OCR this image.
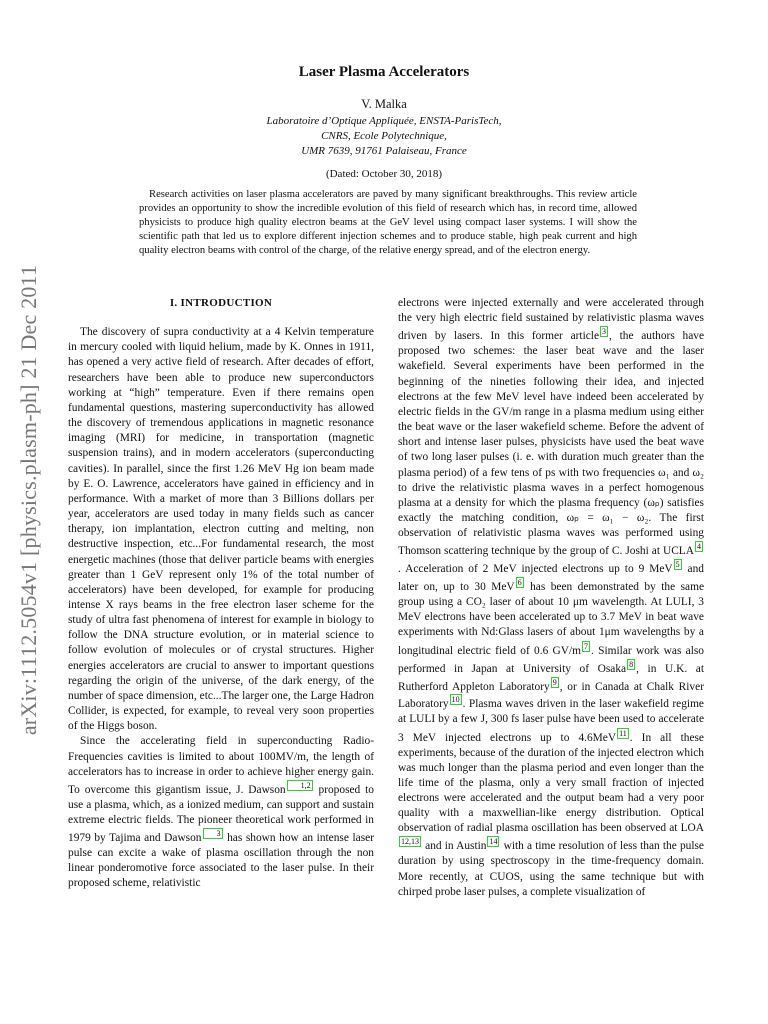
arXiv:1112.5054v1 [physics.plasm-ph] 21 Dec 2011
Laser Plasma Accelerators
V. Malka
Laboratoire d’Optique Appliquée, ENSTA-ParisTech,
CNRS, Ecole Polytechnique,
UMR 7639, 91761 Palaiseau, France
(Dated: October 30, 2018)
Research activities on laser plasma accelerators are paved by many significant breakthroughs. This review article provides an opportunity to show the incredible evolution of this field of research which has, in record time, allowed physicists to produce high quality electron beams at the GeV level using compact laser systems. I will show the scientific path that led us to explore different injection schemes and to produce stable, high peak current and high quality electron beams with control of the charge, of the relative energy spread, and of the electron energy.
I. INTRODUCTION

The discovery of supra conductivity at a 4 Kelvin temperature in mercury cooled with liquid helium, made by K. Onnes in 1911, has opened a very active field of research. After decades of effort, researchers have been able to produce new superconductors working at “high” temperature. Even if there remains open fundamental questions, mastering superconductivity has allowed the discovery of tremendous applications in magnetic resonance imaging (MRI) for medicine, in transportation (magnetic suspension trains), and in modern accelerators (superconducting cavities). In parallel, since the first 1.26 MeV Hg ion beam made by E. O. Lawrence, accelerators have gained in efficiency and in performance. With a market of more than 3 Billions dollars per year, accelerators are used today in many fields such as cancer therapy, ion implantation, electron cutting and melting, non destructive inspection, etc...For fundamental research, the most energetic machines (those that deliver particle beams with energies greater than 1 GeV represent only 1% of the total number of accelerators) have been developed, for example for producing intense X rays beams in the free electron laser scheme for the study of ultra fast phenomena of interest for example in biology to follow the DNA structure evolution, or in material science to follow evolution of molecules or of crystal structures. Higher energies accelerators are crucial to answer to important questions regarding the origin of the universe, of the dark energy, of the number of space dimension, etc...The larger one, the Large Hadron Collider, is expected, for example, to reveal very soon properties of the Higgs boson.

Since the accelerating field in superconducting Radio-Frequencies cavities is limited to about 100MV/m, the length of accelerators has to increase in order to achieve higher energy gain. To overcome this gigantism issue, J. Dawson 1,2 proposed to use a plasma, which, as a ionized medium, can support and sustain extreme electric fields. The pioneer theoretical work performed in 1979 by Tajima and Dawson 3 has shown how an intense laser pulse can excite a wake of plasma oscillation through the non linear ponderomotive force associated to the laser pulse. In their proposed scheme, relativistic

electrons were injected externally and were accelerated through the very high electric field sustained by relativistic plasma waves driven by lasers. In this former article 3 , the authors have proposed two schemes: the laser beat wave and the laser wakefield. Several experiments have been performed in the beginning of the nineties following their idea, and injected electrons at the few MeV level have indeed been accelerated by electric fields in the GV/m range in a plasma medium using either the beat wave or the laser wakefield scheme. Before the advent of short and intense laser pulses, physicists have used the beat wave of two long laser pulses (i. e. with duration much greater than the plasma period) of a few tens of ps with two frequencies ω₁ and ω₂ to drive the relativistic plasma waves in a perfect homogenous plasma at a density for which the plasma frequency (ωₚ) satisfies exactly the matching condition, ωₚ = ω₁ − ω₂. The first observation of relativistic plasma waves was performed using Thomson scattering technique by the group of C. Joshi at UCLA 4. Acceleration of 2 MeV injected electrons up to 9 MeV 5 and later on, up to 30 MeV 6 has been demonstrated by the same group using a CO₂ laser of about 10 μm wavelength. At LULI, 3 MeV electrons have been accelerated up to 3.7 MeV in beat wave experiments with Nd:Glass lasers of about 1μm wavelengths by a longitudinal electric field of 0.6 GV/m 7 . Similar work was also performed in Japan at University of Osaka 8 , in U.K. at Rutherford Appleton Laboratory 9 , or in Canada at Chalk River Laboratory 10 . Plasma waves driven in the laser wakefield regime at LULI by a few J, 300 fs laser pulse have been used to accelerate 3 MeV injected electrons up to 4.6MeV 11 . In all these experiments, because of the duration of the injected electron which was much longer than the plasma period and even longer than the life time of the plasma, only a very small fraction of injected electrons were accelerated and the output beam had a very poor quality with a maxwellian-like energy distribution. Optical observation of radial plasma oscillation has been observed at LOA12,13 and in Austin 14 with a time resolution of less than the pulse duration by using spectroscopy in the time-frequency domain. More recently, at CUOS, using the same technique but with chirped probe laser pulses, a complete visualization of
